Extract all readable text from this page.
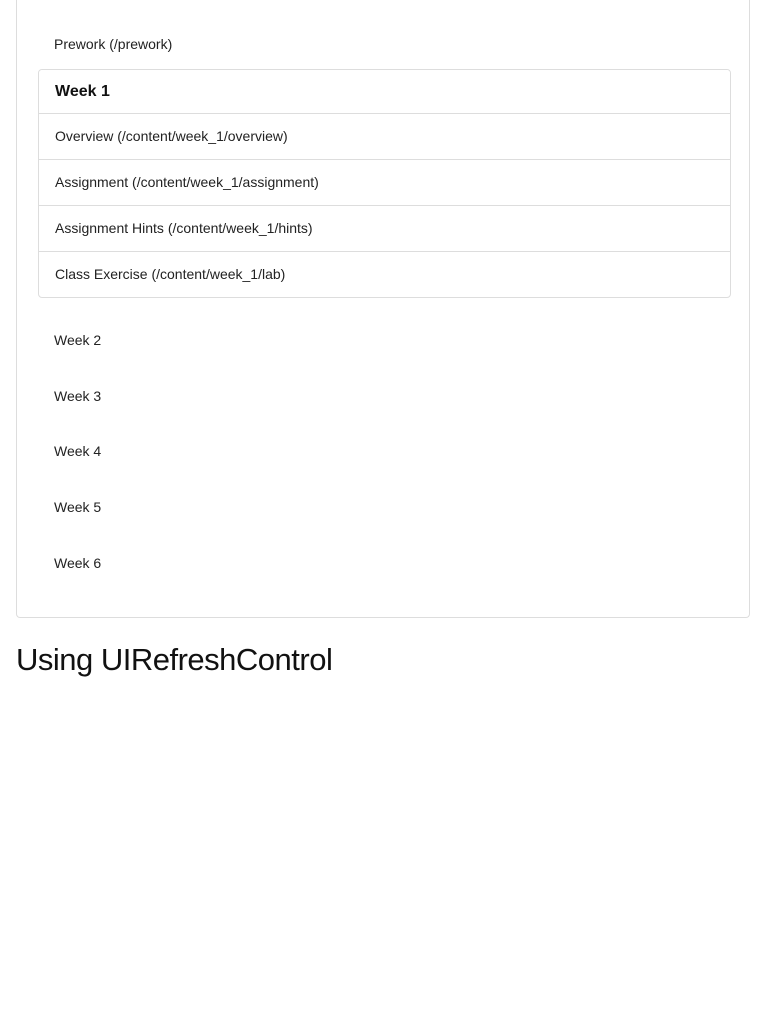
Prework (/prework)
Week 1
Overview (/content/week_1/overview)
Assignment (/content/week_1/assignment)
Assignment Hints (/content/week_1/hints)
Class Exercise (/content/week_1/lab)
Week 2
Week 3
Week 4
Week 5
Week 6
Using UIRefreshControl
